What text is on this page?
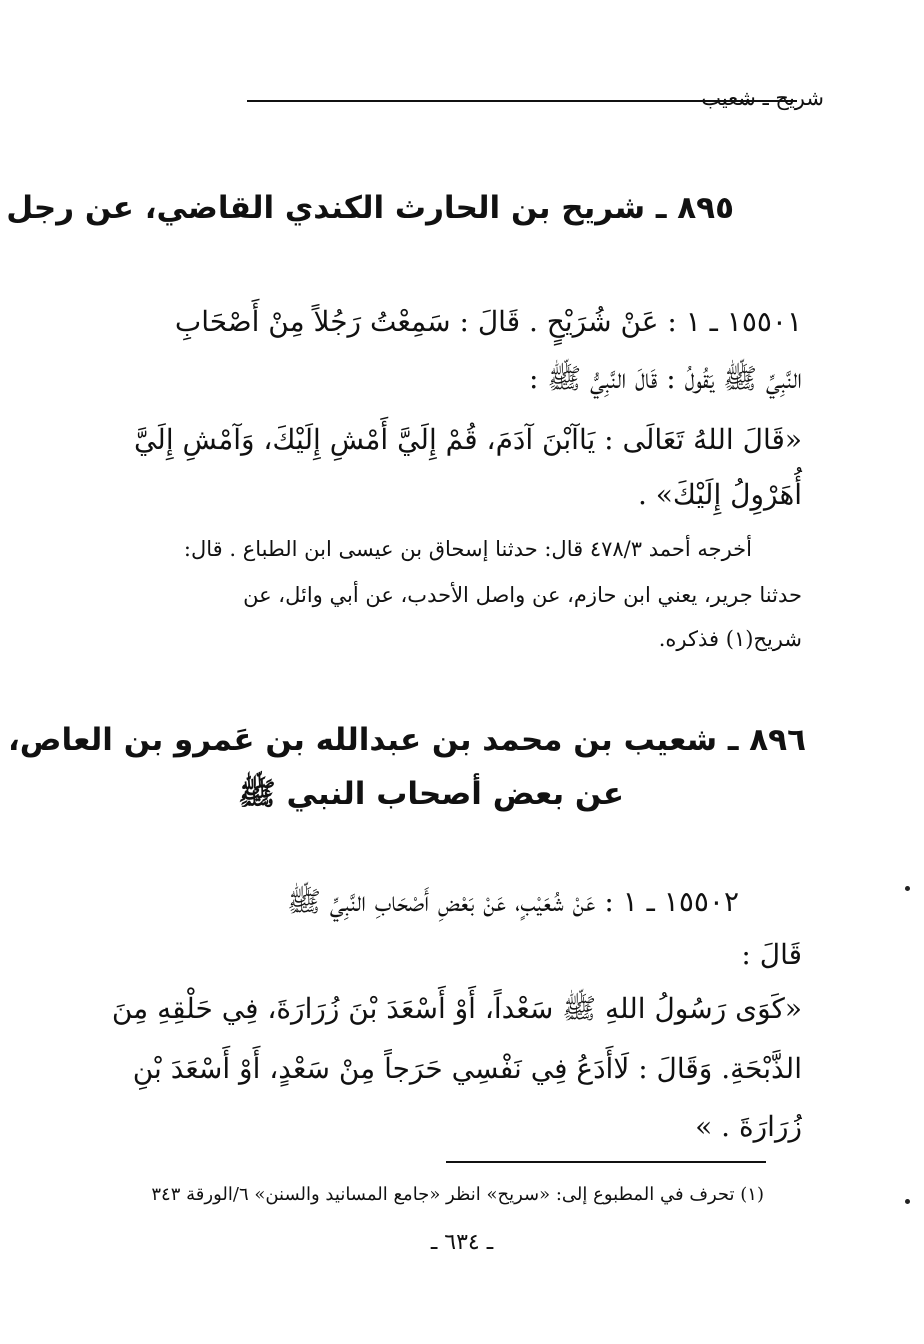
شريح ـ شعيب
٨٩٥ ـ شريح بن الحارث الكندي القاضي، عن رجل
١٥٥٠١ ـ ١ : عَنْ شُرَيْحٍ . قَالَ : سَمِعْتُ رَجُلاً مِنْ أَصْحَابِ
النَّبِيِّ ﷺ يَقُولُ : قَالَ النَّبِيُّ ﷺ :
«قَالَ اللهُ تَعَالَى : يَاآبْنَ آدَمَ، قُمْ إِلَيَّ أَمْشِ إِلَيْكَ، وَآمْشِ إِلَيَّ
أُهَرْوِلُ إِلَيْكَ» .
أخرجه أحمد ٤٧٨/٣ قال: حدثنا إسحاق بن عيسى ابن الطباع . قال:
حدثنا جرير، يعني ابن حازم، عن واصل الأحدب، عن أبي وائل، عن
شريح(١) فذكره.
٨٩٦ ـ شعيب بن محمد بن عبدالله بن عَمرو بن العاص،
عن بعض أصحاب النبي ﷺ
١٥٥٠٢ ـ ١ : عَنْ شُعَيْبٍ، عَنْ بَعْضِ أَصْحَابِ النَّبِيِّ ﷺ
قَالَ :
«كَوَى رَسُولُ اللهِ ﷺ سَعْداً، أَوْ أَسْعَدَ بْنَ زُرَارَةَ، فِي حَلْقِهِ مِنَ
الذَّبْحَةِ. وَقَالَ : لَاأَدَعُ فِي نَفْسِي حَرَجاً مِنْ سَعْدٍ، أَوْ أَسْعَدَ بْنِ
زُرَارَةَ . »
(١) تحرف في المطبوع إلى: «سريح» انظر «جامع المسانيد والسنن» ٦/الورقة ٣٤٣
ـ ٦٣٤ ـ
